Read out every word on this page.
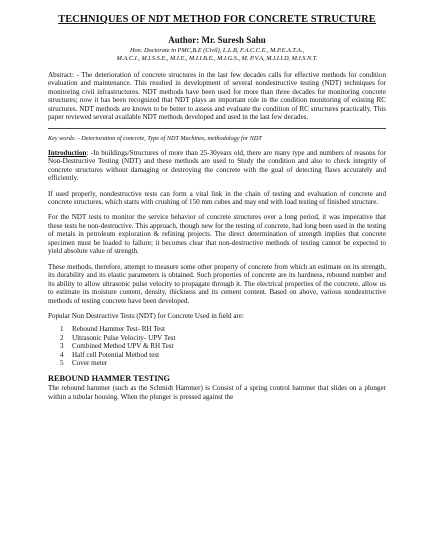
TECHNIQUES OF NDT METHOD FOR CONCRETE STRUCTURE
Author: Mr. Suresh Sahu
Hon. Doctorate in PMC,B.E (Civil), L.L.B, F.A.C.C.E., M.P.E.A.T.A.,
M.A.C.I., M.I.S.S.E., M.I.E., M.I.I.B.E., M.I.G.S., M. P.V.A, M.I.I.I.D, M.I.S.N.T.

Abstract: - The deterioration of concrete structures in the last few decades calls for effective methods for condition evaluation and maintenance. This resulted in development of several nondestructive testing (NDT) techniques for monitoring civil infrastructures. NDT methods have been used for more than three decades for monitoring concrete structures; now it has been recognized that NDT plays an important role in the condition monitoring of existing RC structures. NDT methods are known to be better to assess and evaluate the condition of RC structures practically. This paper reviewed several available NDT methods developed and used in the last few decades.

Key words: - Deterioration of concrete, Type of NDT Machines, methodology for NDT

Introduction: -In buildings/Structures of more than 25-30years old, there are many type and numbers of reasons for Non-Destructive Testing (NDT) and these methods are used to Study the condition and also to check integrity of concrete structures without damaging or destroying the concrete with the goal of detecting flaws accurately and efficiently.

If used properly, nondestructive tests can form a vital link in the chain of testing and evaluation of concrete and concrete structures, which starts with crushing of 150 mm cubes and may end with load testing of finished structure.

For the NDT tests to monitor the service behavior of concrete structures over a long period, it was imperative that these tests be non-destructive. This approach, though new for the testing of concrete, had long been used in the testing of metals in petroleum exploration & refining projects. The direct determination of strength implies that concrete specimen must be loaded to failure; it becomes clear that non-destructive methods of testing cannot be expected to yield absolute value of strength.

These methods, therefore, attempt to measure some other property of concrete from which an estimate on its strength, its durability and its elastic parameters is obtained. Such properties of concrete are its hardness, rebound number and its ability to allow ultrasonic pulse velocity to propagate through it. The electrical properties of the concrete, allow us to estimate its moisture content, density, thickness and its cement content. Based on above, various nondestructive methods of testing concrete have been developed.

Popular Non Destructive Tests (NDT) for Concrete Used in field are:

1	Rebound Hammer Test- RH Test
2	Ultrasonic Pulse Velocity- UPV Test
3	Combined Method UPV & RH Test
4	Half cell Potential Method test
5	Cover meter
REBOUND HAMMER TESTING

The rebound hammer (such as the Schmidt Hammer) is Consist of a spring control hammer that slides on a plunger within a tubular housing. When the plunger is pressed against the
